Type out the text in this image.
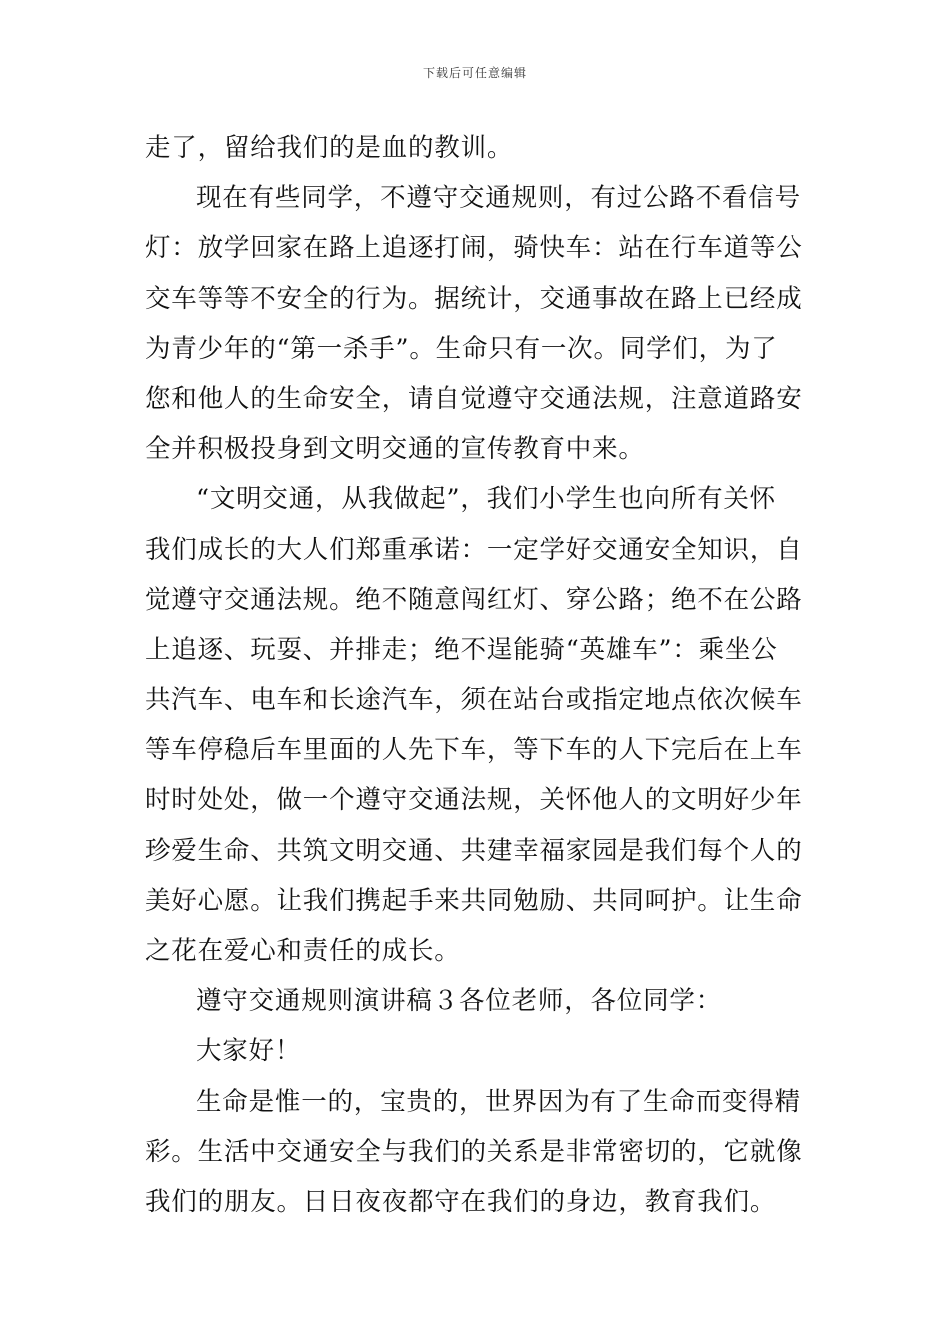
下载后可任意编辑
走了，留给我们的是血的教训。
现在有些同学，不遵守交通规则，有过公路不看信号
灯：放学回家在路上追逐打闹，骑快车：站在行车道等公
交车等等不安全的行为。据统计，交通事故在路上已经成
为青少年的“第一杀手”。生命只有一次。同学们，为了
您和他人的生命安全，请自觉遵守交通法规，注意道路安
全并积极投身到文明交通的宣传教育中来。
“文明交通，从我做起”，我们小学生也向所有关怀
我们成长的大人们郑重承诺：一定学好交通安全知识，自
觉遵守交通法规。绝不随意闯红灯、穿公路；绝不在公路
上追逐、玩耍、并排走；绝不逞能骑“英雄车”：乘坐公
共汽车、电车和长途汽车，须在站台或指定地点依次候车
等车停稳后车里面的人先下车，等下车的人下完后在上车
时时处处，做一个遵守交通法规，关怀他人的文明好少年
珍爱生命、共筑文明交通、共建幸福家园是我们每个人的
美好心愿。让我们携起手来共同勉励、共同呵护。让生命
之花在爱心和责任的成长。
遵守交通规则演讲稿３各位老师，各位同学：
大家好！
生命是惟一的，宝贵的，世界因为有了生命而变得精
彩。生活中交通安全与我们的关系是非常密切的，它就像
我们的朋友。日日夜夜都守在我们的身边，教育我们。
